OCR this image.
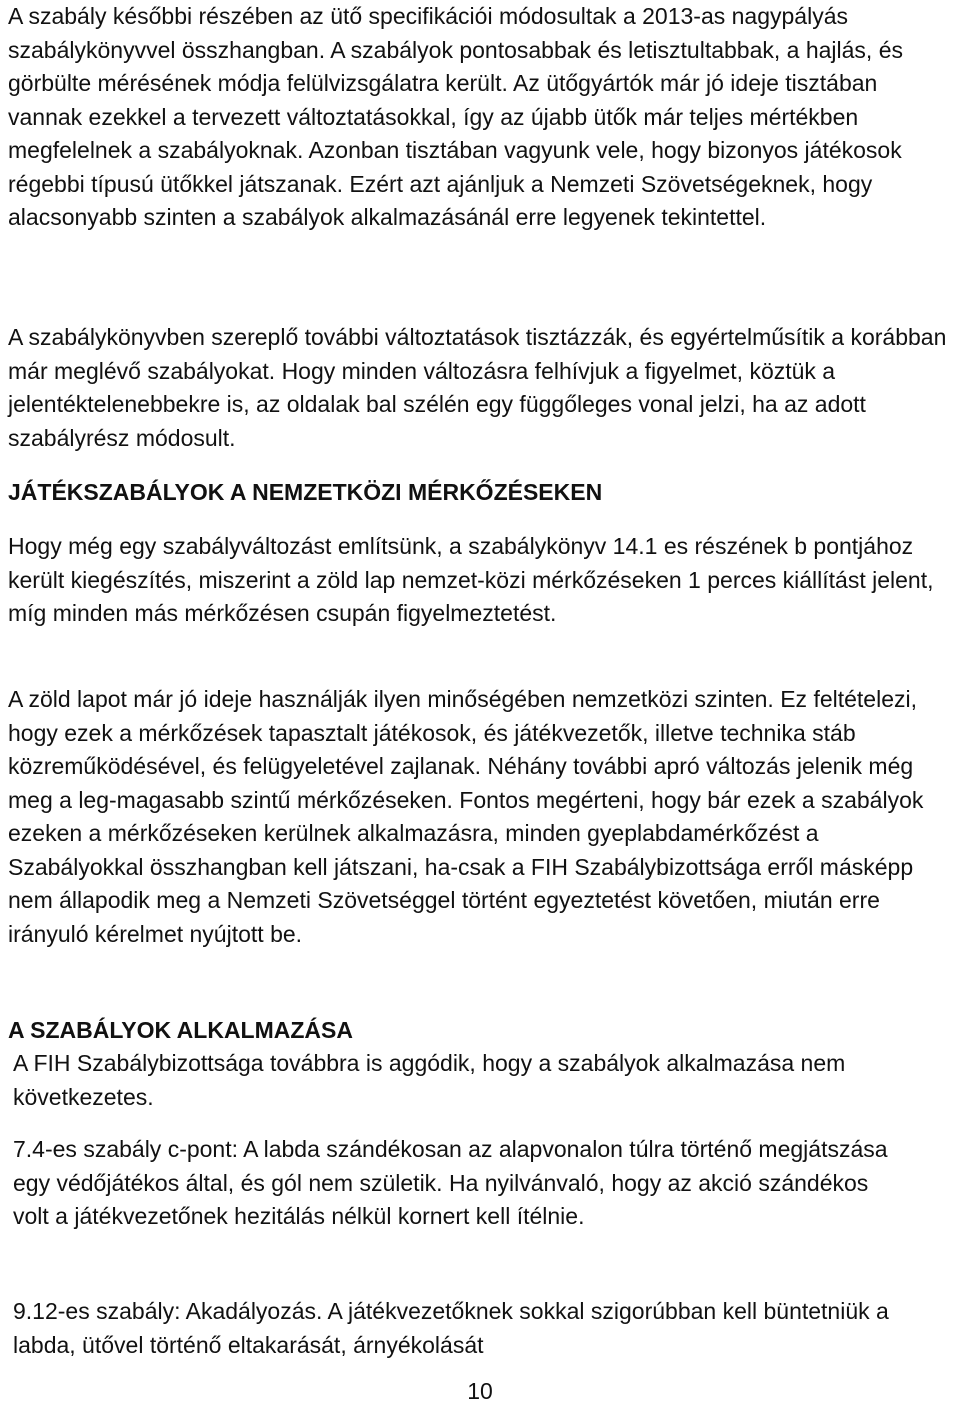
A szabály későbbi részében az ütő specifikációi módosultak a 2013-as nagypályás szabálykönyvvel összhangban. A szabályok pontosabbak és letisztultabbak, a hajlás, és görbülte mérésének módja felülvizsgálatra került. Az ütőgyártók már jó ideje tisztában vannak ezekkel a tervezett változtatásokkal, így az újabb ütők már teljes mértékben megfelelnek a szabályoknak. Azonban tisztában vagyunk vele, hogy bizonyos játékosok régebbi típusú ütőkkel játszanak. Ezért azt ajánljuk a Nemzeti Szövetségeknek, hogy alacsonyabb szinten a szabályok alkalmazásánál erre legyenek tekintettel.

A szabálykönyvben szereplő további változtatások tisztázzák, és egyértelműsítik a korábban már meglévő szabályokat. Hogy minden változásra felhívjuk a figyelmet, köztük a jelentéktelenebbekre is, az oldalak bal szélén egy függőleges vonal jelzi, ha az adott szabályrész módosult.

JÁTÉKSZABÁLYOK A NEMZETKÖZI MÉRKŐZÉSEKEN

Hogy még egy szabályváltozást említsünk, a szabálykönyv 14.1 es részének b pontjához került kiegészítés, miszerint a zöld lap nemzet-közi mérkőzéseken 1 perces kiállítást jelent, míg minden más mérkőzésen csupán figyelmeztetést.

A zöld lapot már jó ideje használják ilyen minőségében nemzetközi szinten. Ez feltételezi, hogy ezek a mérkőzések tapasztalt játékosok, és játékvezetők, illetve technika stáb közreműködésével, és felügyeletével zajlanak. Néhány további apró változás jelenik még meg a leg-magasabb szintű mérkőzéseken. Fontos megérteni, hogy bár ezek a szabályok ezeken a mérkőzéseken kerülnek alkalmazásra, minden gyeplabdamérkőzést a Szabályokkal összhangban kell játszani, ha-csak a FIH Szabálybizottsága erről másképp nem állapodik meg a Nemzeti Szövetséggel történt egyeztetést követően, miután erre irányuló kérelmet nyújtott be.

A SZABÁLYOK ALKALMAZÁSA

A FIH Szabálybizottsága továbbra is aggódik, hogy a szabályok alkalmazása nem következetes.

7.4-es szabály c-pont: A labda szándékosan az alapvonalon túlra történő megjátszása egy védőjátékos által, és gól nem születik. Ha nyilvánvaló, hogy az akció szándékos volt a játékvezetőnek hezitálás nélkül kornert kell ítélnie.

9.12-es szabály: Akadályozás. A játékvezetőknek sokkal szigorúbban kell büntetniük a labda, ütővel történő eltakarását, árnyékolását

10
